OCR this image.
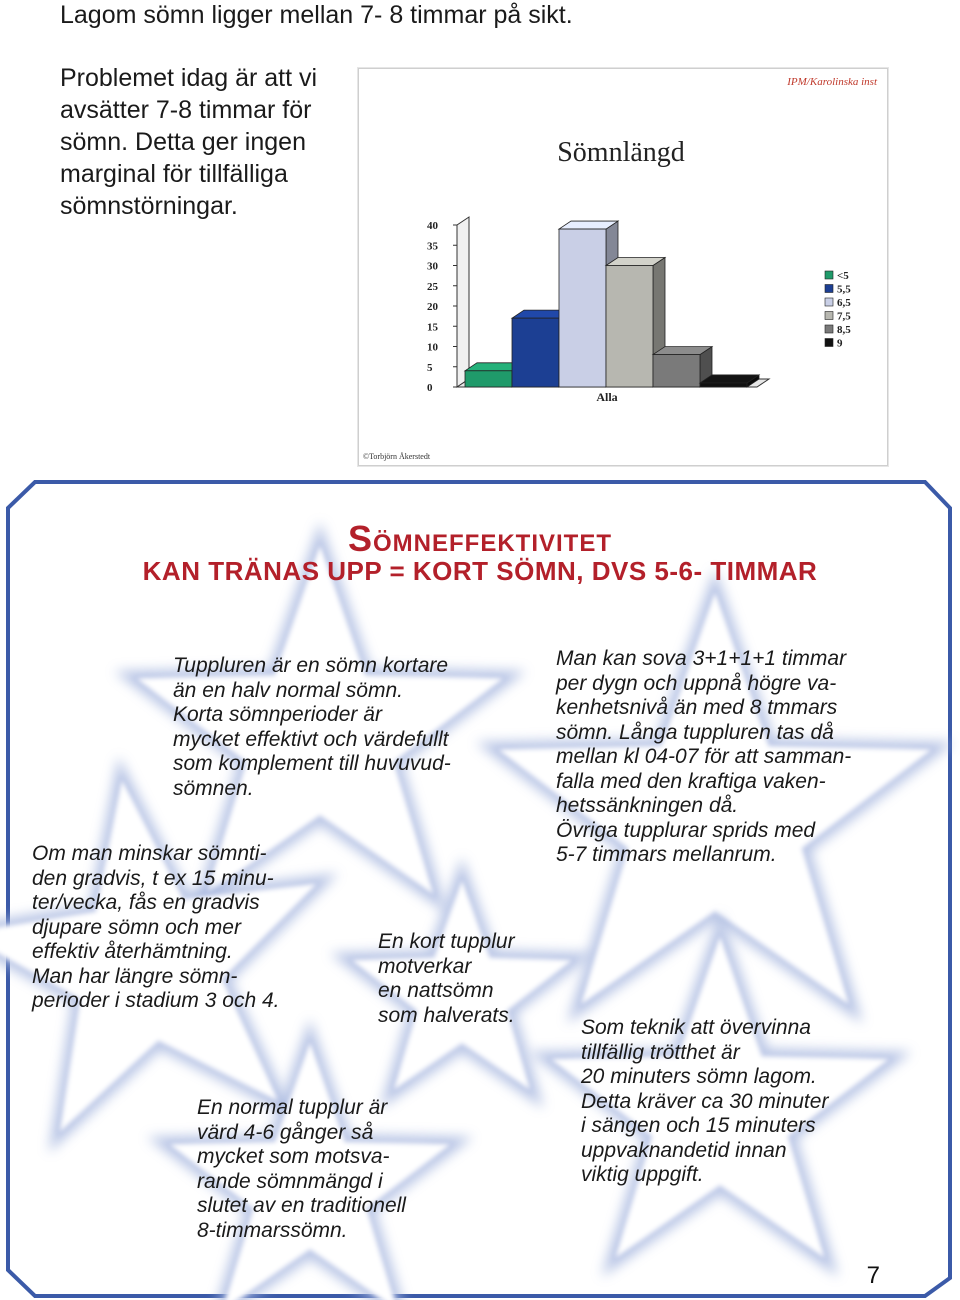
Lagom sömn ligger mellan 7- 8 timmar på sikt.
Problemet idag är att vi avsätter 7-8 timmar för sömn. Detta ger ingen marginal för tillfälliga sömnstörningar.
IPM/Karolinska inst
Sömnlängd
0
5
10
15
20
25
30
35
40
Alla
<5
5,5
6,5
7,5
8,5
9
©Torbjörn Åkerstedt
SÖMNEFFEKTIVITET
KAN TRÄNAS UPP = KORT SÖMN, DVS 5-6- TIMMAR
Tuppluren är en sömn kortare
än en halv normal sömn.
Korta sömnperioder är
mycket effektivt och värdefullt
som komplement till huvuvud-
sömnen.
Om man minskar sömnti-
den gradvis, t ex 15 minu-
ter/vecka, fås en gradvis
djupare sömn och mer
effektiv återhämtning.
Man har längre sömn-
perioder i stadium 3 och 4.
En kort tupplur
motverkar
en nattsömn
som halverats.
En normal tupplur är
värd 4-6 gånger så
mycket som motsva-
rande sömnmängd i
slutet av en traditionell
8-timmarssömn.
Man kan sova 3+1+1+1 timmar
per dygn och uppnå högre va-
kenhetsnivå än med 8 tmmars
sömn. Långa tuppluren tas då
mellan kl 04-07 för att samman-
falla med den kraftiga vaken-
hetssänkningen då.
Övriga tupplurar sprids med
5-7 timmars mellanrum.
Som teknik att övervinna
tillfällig trötthet är
20 minuters sömn lagom.
Detta kräver ca 30 minuter
i sängen och 15 minuters
uppvaknandetid innan
viktig uppgift.
7
